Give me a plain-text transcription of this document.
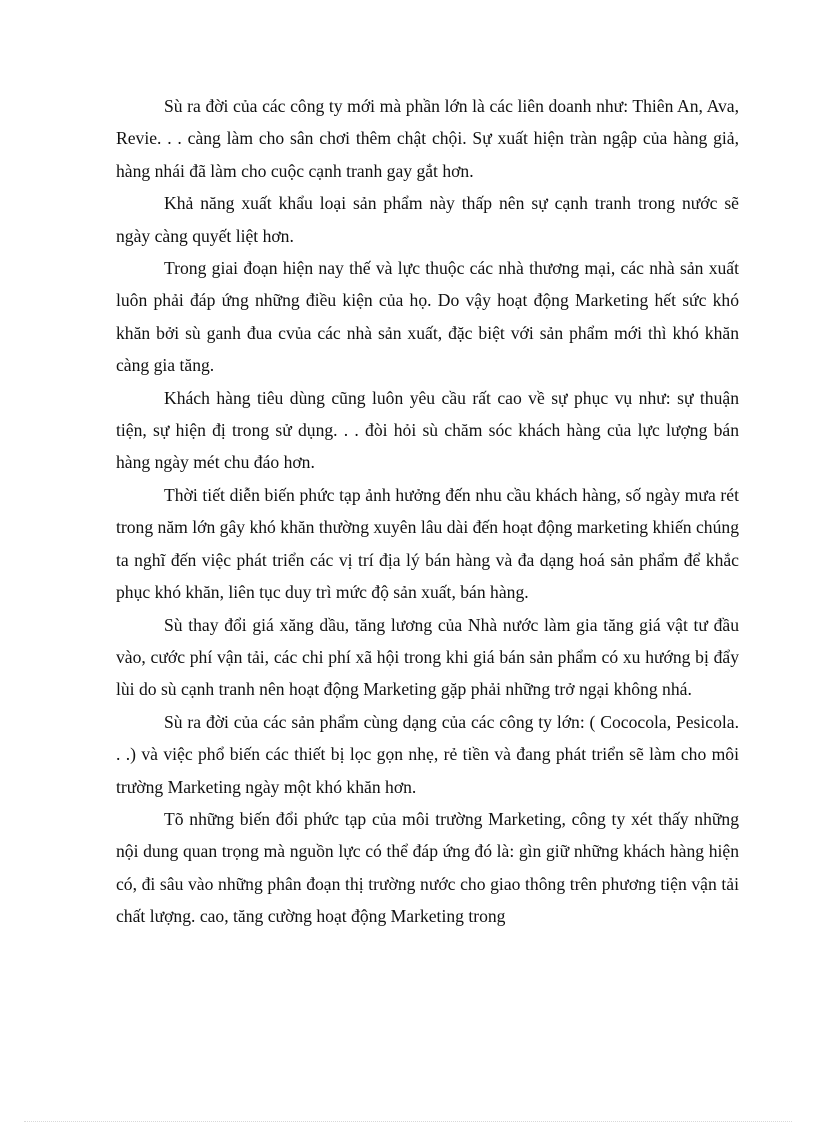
Sù ra đời của các công ty mới mà phần lớn là các liên doanh như: Thiên An, Ava, Revie. . . càng làm cho sân chơi thêm chật chội. Sự xuất hiện tràn ngập của hàng giả, hàng nhái đã làm cho cuộc cạnh tranh gay gắt hơn.

Khả năng xuất khẩu loại sản phẩm này thấp nên sự cạnh tranh trong nước sẽ ngày càng quyết liệt hơn.

Trong giai đoạn hiện nay thế và lực thuộc các nhà thương mại, các nhà sản xuất luôn phải đáp ứng những điều kiện của họ. Do vậy hoạt động Marketing hết sức khó khăn bởi sù ganh đua cvủa các nhà sản xuất, đặc biệt với sản phẩm mới thì khó khăn càng gia tăng.

Khách hàng tiêu dùng cũng luôn yêu cầu rất cao về sự phục vụ như: sự thuận tiện, sự hiện đị trong sử dụng. . . đòi hỏi sù chăm sóc khách hàng của lực lượng bán hàng ngày mét chu đáo hơn.

Thời tiết diễn biến phức tạp ảnh hưởng đến nhu cầu khách hàng, số ngày mưa rét trong năm lớn gây khó khăn thường xuyên lâu dài đến hoạt động marketing khiến chúng ta nghĩ đến việc phát triển các vị trí địa lý bán hàng và đa dạng hoá sản phẩm để khắc phục khó khăn, liên tục duy trì mức độ sản xuất, bán hàng.

Sù thay đổi giá xăng dầu, tăng lương của Nhà nước làm gia tăng giá vật tư đầu vào, cước phí vận tải, các chi phí xã hội trong khi giá bán sản phẩm có xu hướng bị đẩy lùi do sù cạnh tranh nên hoạt động Marketing gặp phải những trở ngại không nhá.

Sù ra đời của các sản phẩm cùng dạng của các công ty lớn: ( Cococola, Pesicola. . .) và việc phổ biến các thiết bị lọc gọn nhẹ, rẻ tiền và đang phát triển sẽ làm cho môi trường Marketing ngày một khó khăn hơn.

Tõ những biến đổi phức tạp của môi trường Marketing, công ty xét thấy những nội dung quan trọng mà nguồn lực có thể đáp ứng đó là: gìn giữ những khách hàng hiện có, đi sâu vào những phân đoạn thị trường nước cho giao thông trên phương tiện vận tải chất lượng. cao, tăng cường hoạt động Marketing trong
